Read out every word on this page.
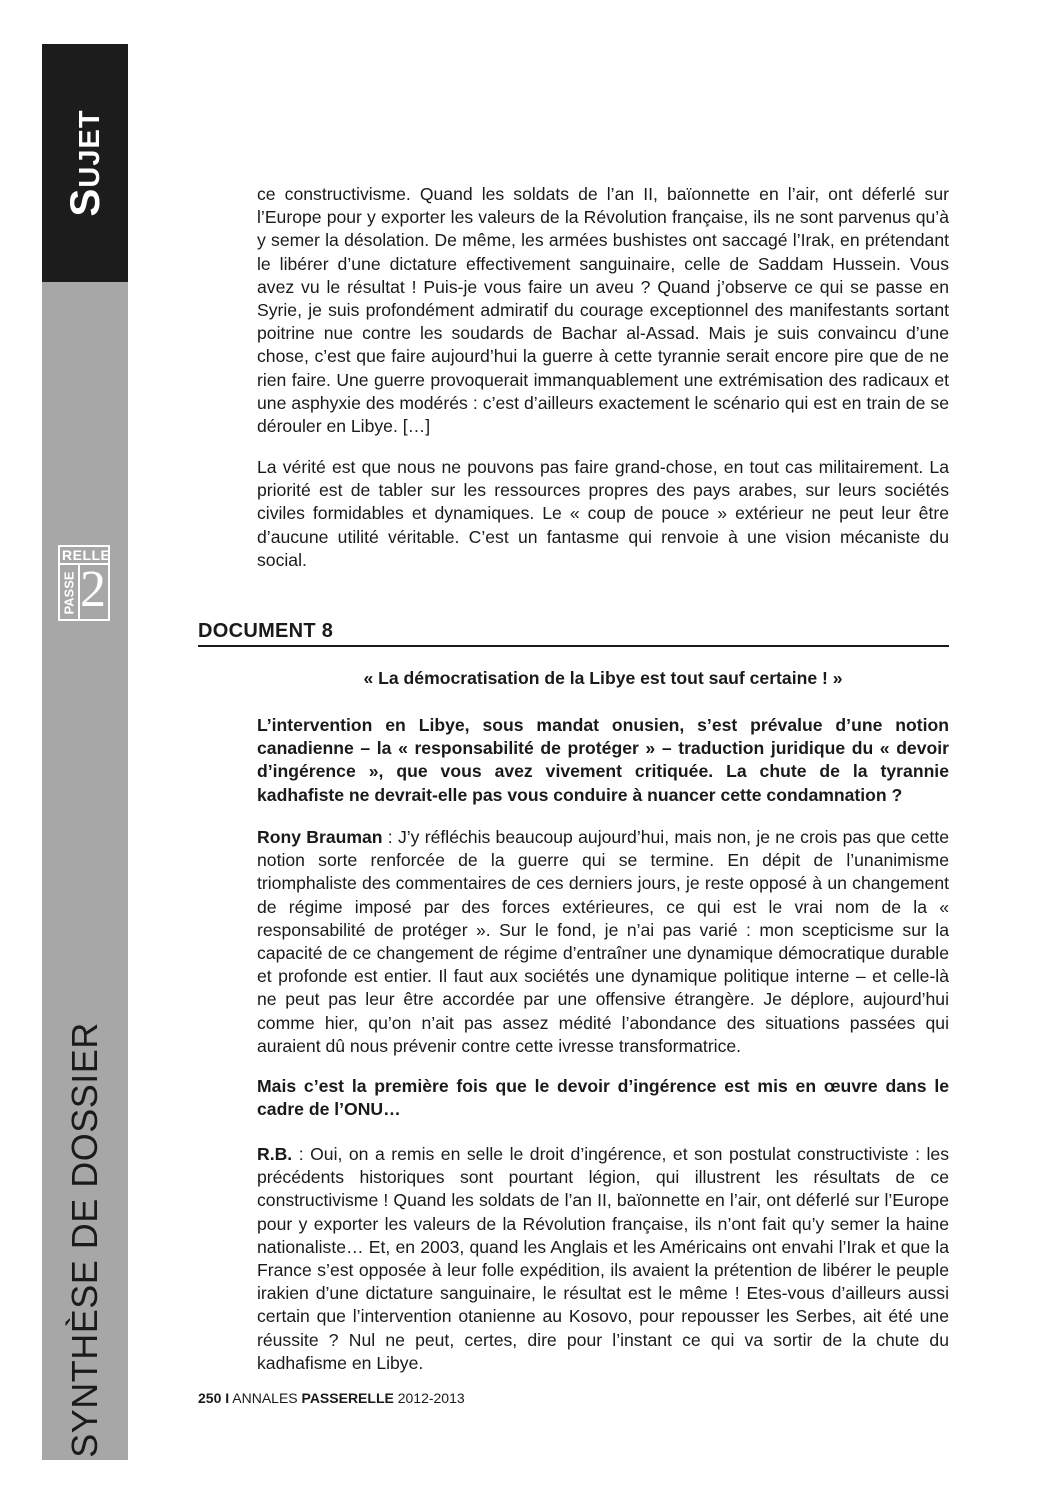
Sujet
RELLE
PASSE 2
SYNTHÈSE DE DOSSIER

ce constructivisme. Quand les soldats de l’an II, baïonnette en l’air, ont déferlé sur l’Europe pour y exporter les valeurs de la Révolution française, ils ne sont parvenus qu’à y semer la désolation. De même, les armées bushistes ont saccagé l’Irak, en prétendant le libérer d’une dictature effectivement sanguinaire, celle de Saddam Hussein. Vous avez vu le résultat ! Puis-je vous faire un aveu ? Quand j’observe ce qui se passe en Syrie, je suis profondément admiratif du courage exceptionnel des manifestants sortant poitrine nue contre les soudards de Bachar al-Assad. Mais je suis convaincu d’une chose, c’est que faire aujourd’hui la guerre à cette tyrannie serait encore pire que de ne rien faire. Une guerre provoquerait immanquablement une extrémisation des radicaux et une asphyxie des modérés : c’est d’ailleurs exactement le scénario qui est en train de se dérouler en Libye. […]

La vérité est que nous ne pouvons pas faire grand-chose, en tout cas militairement. La priorité est de tabler sur les ressources propres des pays arabes, sur leurs sociétés civiles formidables et dynamiques. Le « coup de pouce » extérieur ne peut leur être d’aucune utilité véritable. C’est un fantasme qui renvoie à une vision mécaniste du social.

DOCUMENT 8
« La démocratisation de la Libye est tout sauf certaine ! »

L’intervention en Libye, sous mandat onusien, s’est prévalue d’une notion canadienne – la « responsabilité de protéger » – traduction juridique du « devoir d’ingérence », que vous avez vivement critiquée. La chute de la tyrannie kadhafiste ne devrait-elle pas vous conduire à nuancer cette condamnation ?

Rony Brauman : J’y réfléchis beaucoup aujourd’hui, mais non, je ne crois pas que cette notion sorte renforcée de la guerre qui se termine. En dépit de l’unanimisme triomphaliste des commentaires de ces derniers jours, je reste opposé à un changement de régime imposé par des forces extérieures, ce qui est le vrai nom de la « responsabilité de protéger ». Sur le fond, je n’ai pas varié : mon scepticisme sur la capacité de ce changement de régime d’entraîner une dynamique démocratique durable et profonde est entier. Il faut aux sociétés une dynamique politique interne – et celle-là ne peut pas leur être accordée par une offensive étrangère. Je déplore, aujourd’hui comme hier, qu’on n’ait pas assez médité l’abondance des situations passées qui auraient dû nous prévenir contre cette ivresse transformatrice.

Mais c’est la première fois que le devoir d’ingérence est mis en œuvre dans le cadre de l’ONU…

R.B. : Oui, on a remis en selle le droit d’ingérence, et son postulat constructiviste : les précédents historiques sont pourtant légion, qui illustrent les résultats de ce constructivisme ! Quand les soldats de l’an II, baïonnette en l’air, ont déferlé sur l’Europe pour y exporter les valeurs de la Révolution française, ils n’ont fait qu’y semer la haine nationaliste… Et, en 2003, quand les Anglais et les Américains ont envahi l’Irak et que la France s’est opposée à leur folle expédition, ils avaient la prétention de libérer le peuple irakien d’une dictature sanguinaire, le résultat est le même ! Etes-vous d’ailleurs aussi certain que l’intervention otanienne au Kosovo, pour repousser les Serbes, ait été une réussite ? Nul ne peut, certes, dire pour l’instant ce qui va sortir de la chute du kadhafisme en Libye.

250 I ANNALES PASSERELLE 2012-2013
